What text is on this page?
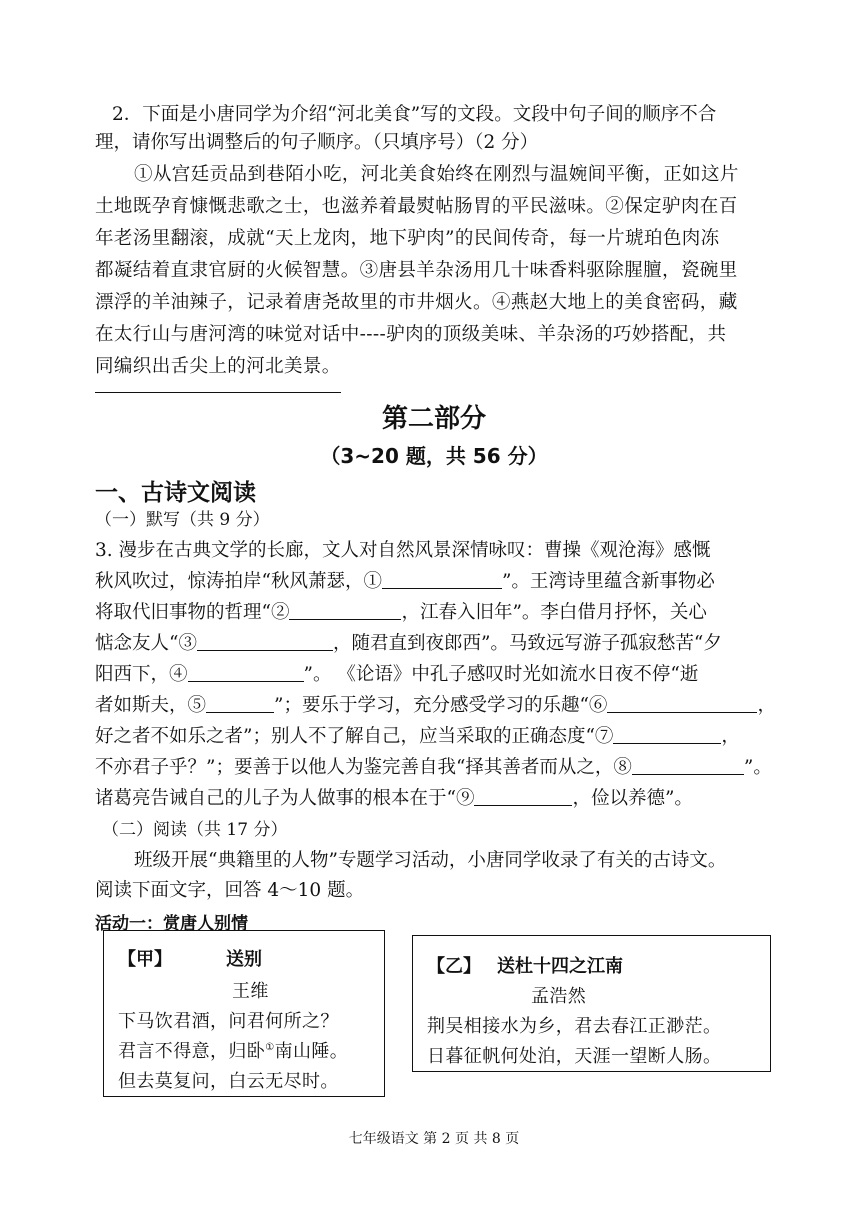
2．下面是小唐同学为介绍“河北美食”写的文段。文段中句子间的顺序不合
理，请你写出调整后的句子顺序。（只填序号）（2 分）
①从宫廷贡品到巷陌小吃，河北美食始终在刚烈与温婉间平衡，正如这片
土地既孕育慷慨悲歌之士，也滋养着最熨帖肠胃的平民滋味。②保定驴肉在百
年老汤里翻滚，成就“天上龙肉，地下驴肉”的民间传奇，每一片琥珀色肉冻
都凝结着直隶官厨的火候智慧。③唐县羊杂汤用几十味香料驱除腥膻，瓷碗里
漂浮的羊油辣子，记录着唐尧故里的市井烟火。④燕赵大地上的美食密码，藏
在太行山与唐河湾的味觉对话中----驴肉的顶级美味、羊杂汤的巧妙搭配，共
同编织出舌尖上的河北美景。
第二部分
（3~20 题，共 56 分）
一、古诗文阅读
（一）默写（共 9 分）
3. 漫步在古典文学的长廊，文人对自然风景深情咏叹：曹操《观沧海》感慨
秋风吹过，惊涛拍岸“秋风萧瑟，①	”。王湾诗里蕴含新事物必
将取代旧事物的哲理“②	，江春入旧年”。李白借月抒怀，关心
惦念友人“③	，随君直到夜郎西”。马致远写游子孤寂愁苦“夕
阳西下，④	”。 《论语》中孔子感叹时光如流水日夜不停“逝
者如斯夫，⑤	”；要乐于学习，充分感受学习的乐趣“⑥	，
好之者不如乐之者”；别人不了解自己，应当采取的正确态度“⑦	，
不亦君子乎？”；要善于以他人为鉴完善自我“择其善者而从之，⑧	”。
诸葛亮告诫自己的儿子为人做事的根本在于“⑨	，俭以养德”。
（二）阅读（共 17 分）
班级开展“典籍里的人物”专题学习活动，小唐同学收录了有关的古诗文。
阅读下面文字，回答 4～10 题。
活动一：赏唐人别情
【甲】	送别
王维
下马饮君酒，问君何所之？
君言不得意，归卧①南山陲。
但去莫复问，白云无尽时。
【乙】 送杜十四之江南
孟浩然
荆吴相接水为乡，君去春江正渺茫。
日暮征帆何处泊，天涯一望断人肠。
七年级语文 第 2 页 共 8 页
